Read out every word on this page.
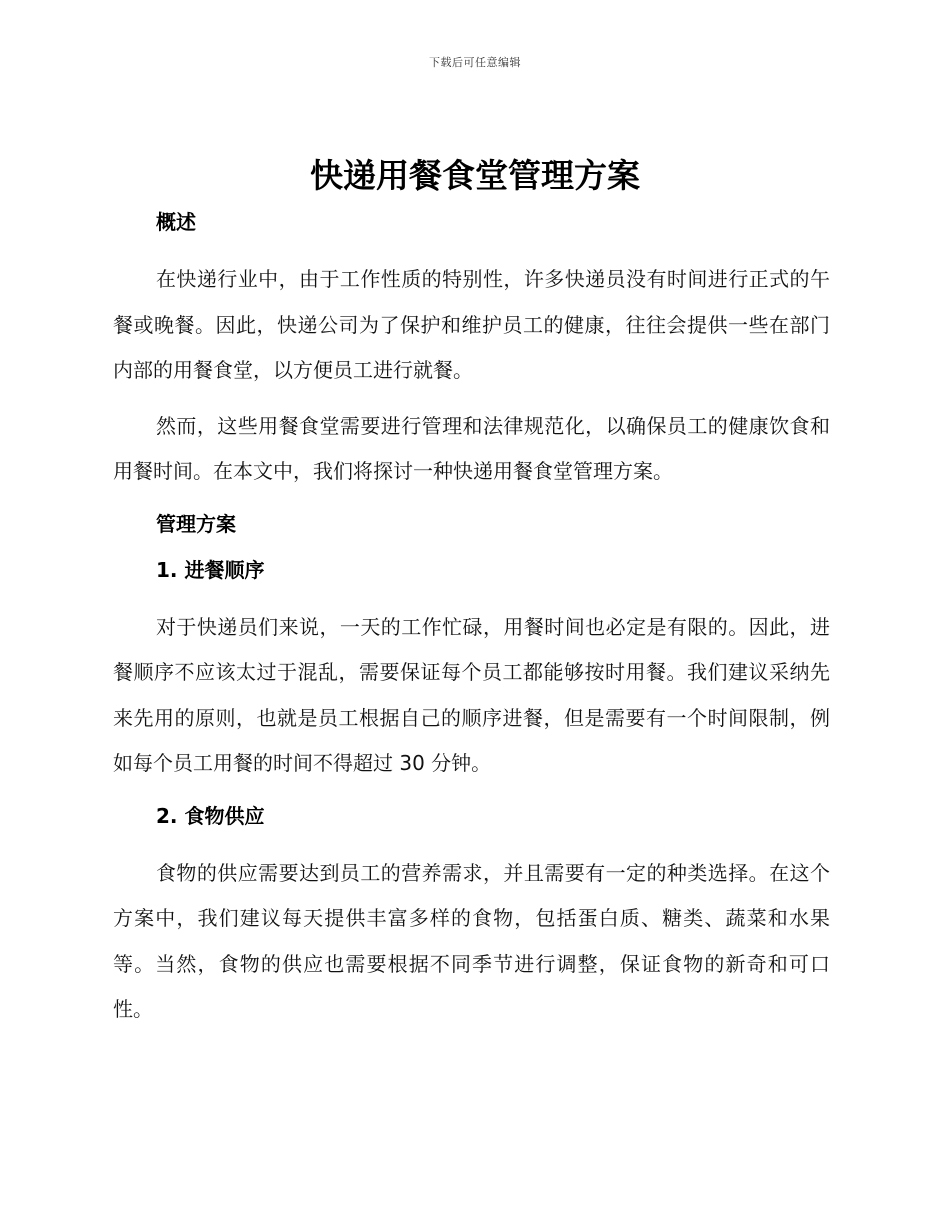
下载后可任意编辑
快递用餐食堂管理方案

概述

在快递行业中，由于工作性质的特别性，许多快递员没有时间进行正式的午餐或晚餐。因此，快递公司为了保护和维护员工的健康，往往会提供一些在部门内部的用餐食堂，以方便员工进行就餐。

然而，这些用餐食堂需要进行管理和法律规范化，以确保员工的健康饮食和用餐时间。在本文中，我们将探讨一种快递用餐食堂管理方案。

管理方案

1. 进餐顺序

对于快递员们来说，一天的工作忙碌，用餐时间也必定是有限的。因此，进餐顺序不应该太过于混乱，需要保证每个员工都能够按时用餐。我们建议采纳先来先用的原则，也就是员工根据自己的顺序进餐，但是需要有一个时间限制，例如每个员工用餐的时间不得超过 30 分钟。

2. 食物供应

食物的供应需要达到员工的营养需求，并且需要有一定的种类选择。在这个方案中，我们建议每天提供丰富多样的食物，包括蛋白质、糖类、蔬菜和水果等。当然，食物的供应也需要根据不同季节进行调整，保证食物的新奇和可口性。
